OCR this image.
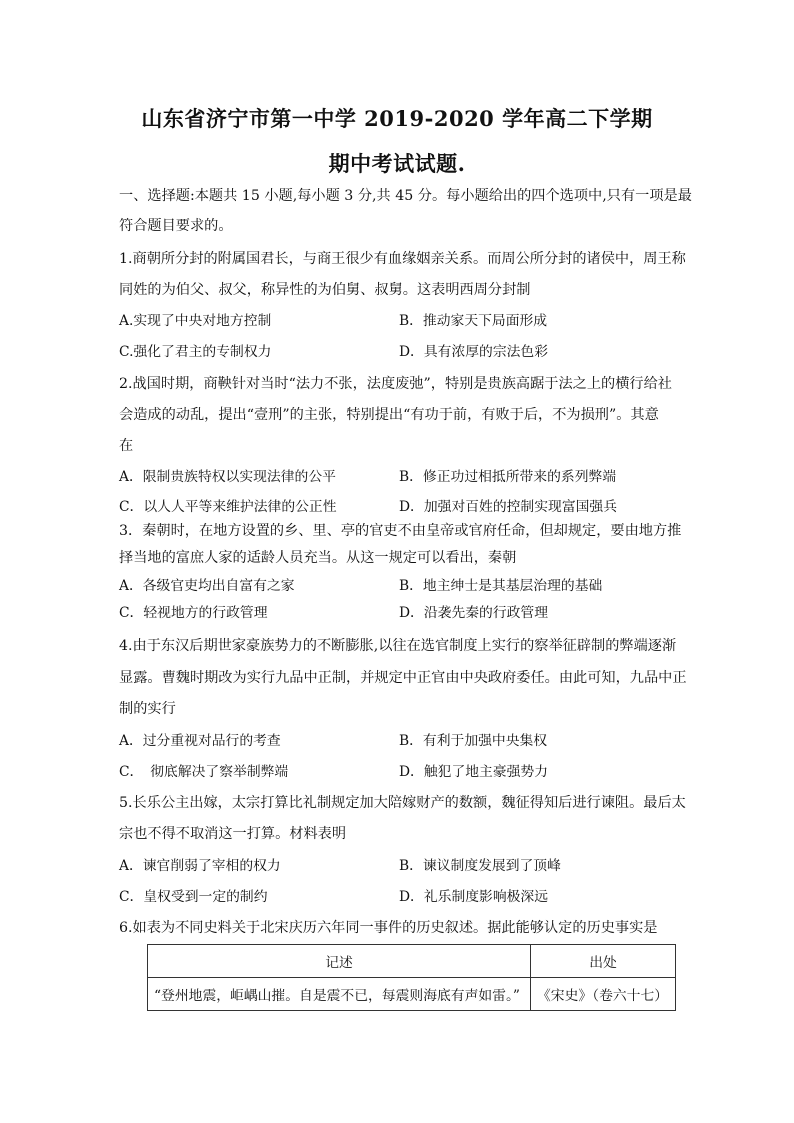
山东省济宁市第一中学 2019-2020 学年高二下学期
期中考试试题.
一、选择题:本题共 15 小题,每小题 3 分,共 45 分。每小题给出的四个选项中,只有一项是最
符合题目要求的。
1.商朝所分封的附属国君长，与商王很少有血缘姻亲关系。而周公所分封的诸侯中，周王称
同姓的为伯父、叔父，称异性的为伯舅、叔舅。这表明西周分封制
A.实现了中央对地方控制	B．推动家天下局面形成
C.强化了君主的专制权力	D．具有浓厚的宗法色彩
2.战国时期，商鞅针对当时“法力不张，法度废弛”，特别是贵族高踞于法之上的横行给社
会造成的动乱，提出“壹刑”的主张，特别提出“有功于前，有败于后，不为损刑”。其意
在
A．限制贵族特权以实现法律的公平	B．修正功过相抵所带来的系列弊端
C．以人人平等来维护法律的公正性	D．加强对百姓的控制实现富国强兵
3．秦朝时，在地方设置的乡、里、亭的官吏不由皇帝或官府任命，但却规定，要由地方推
择当地的富庶人家的适龄人员充当。从这一规定可以看出，秦朝
A．各级官吏均出自富有之家	B．地主绅士是其基层治理的基础
C．轻视地方的行政管理	D．沿袭先秦的行政管理
4.由于东汉后期世家豪族势力的不断膨胀,以往在选官制度上实行的察举征辟制的弊端逐渐
显露。曹魏时期改为实行九品中正制，并规定中正官由中央政府委任。由此可知，九品中正
制的实行
A．过分重视对品行的考查	B．有利于加强中央集权
C．　彻底解决了察举制弊端	D．触犯了地主豪强势力
5.长乐公主出嫁，太宗打算比礼制规定加大陪嫁财产的数额，魏征得知后进行谏阻。最后太
宗也不得不取消这一打算。材料表明
A．谏官削弱了宰相的权力	B．谏议制度发展到了顶峰
C．皇权受到一定的制约	D．礼乐制度影响极深远
6.如表为不同史料关于北宋庆历六年同一事件的历史叙述。据此能够认定的历史事实是
记述	出处
“登州地震，岠嵎山摧。自是震不已，每震则海底有声如雷。”	《宋史》（卷六十七）
